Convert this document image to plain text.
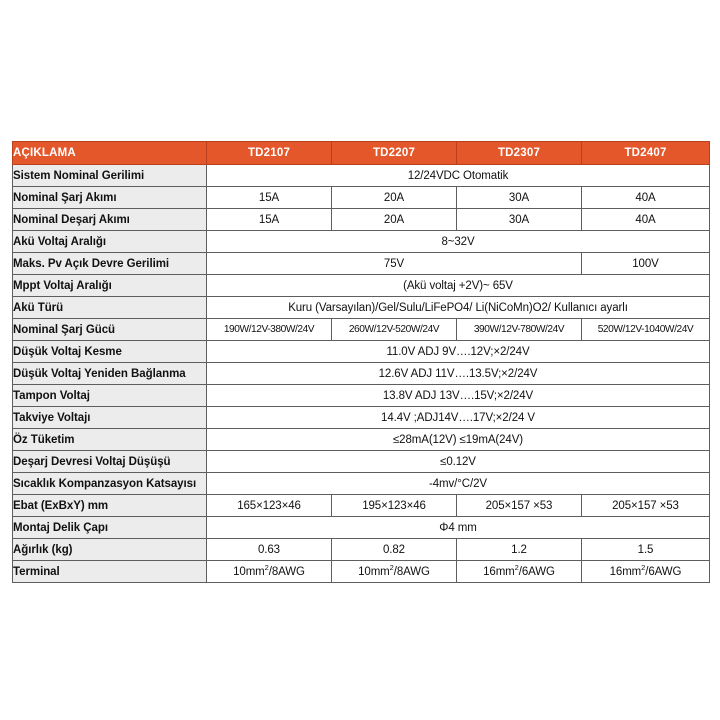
AÇIKLAMA	TD2107	TD2207	TD2307	TD2407
Sistem Nominal Gerilimi	12/24VDC Otomatik			
Nominal Şarj Akımı	15A	20A	30A	40A
Nominal Deşarj Akımı	15A	20A	30A	40A
Akü Voltaj Aralığı	8~32V			
Maks. Pv Açık Devre Gerilimi	75V			100V
Mppt Voltaj Aralığı	(Akü voltaj +2V)~ 65V			
Akü Türü	Kuru (Varsayılan)/Gel/Sulu/LiFePO4/ Li(NiCoMn)O2/ Kullanıcı ayarlı			
Nominal Şarj Gücü	190W/12V-380W/24V	260W/12V-520W/24V	390W/12V-780W/24V	520W/12V-1040W/24V
Düşük Voltaj Kesme	11.0V ADJ 9V….12V;×2/24V			
Düşük Voltaj Yeniden Bağlanma	12.6V ADJ 11V….13.5V;×2/24V			
Tampon Voltaj	13.8V ADJ 13V….15V;×2/24V			
Takviye Voltajı	14.4V ;ADJ14V….17V;×2/24 V			
Öz Tüketim	≤28mA(12V) ≤19mA(24V)			
Deşarj Devresi Voltaj Düşüşü	≤0.12V			
Sıcaklık Kompanzasyon Katsayısı	-4mv/°C/2V			
Ebat (ExBxY) mm	165×123×46	195×123×46	205×157 ×53	205×157 ×53
Montaj Delik Çapı	Φ4 mm			
Ağırlık (kg)	0.63	0.82	1.2	1.5
Terminal	$10mm^2/8AWG$	$10mm^2/8AWG$	$16mm^2/6AWG$	$16mm^2/6AWG$
